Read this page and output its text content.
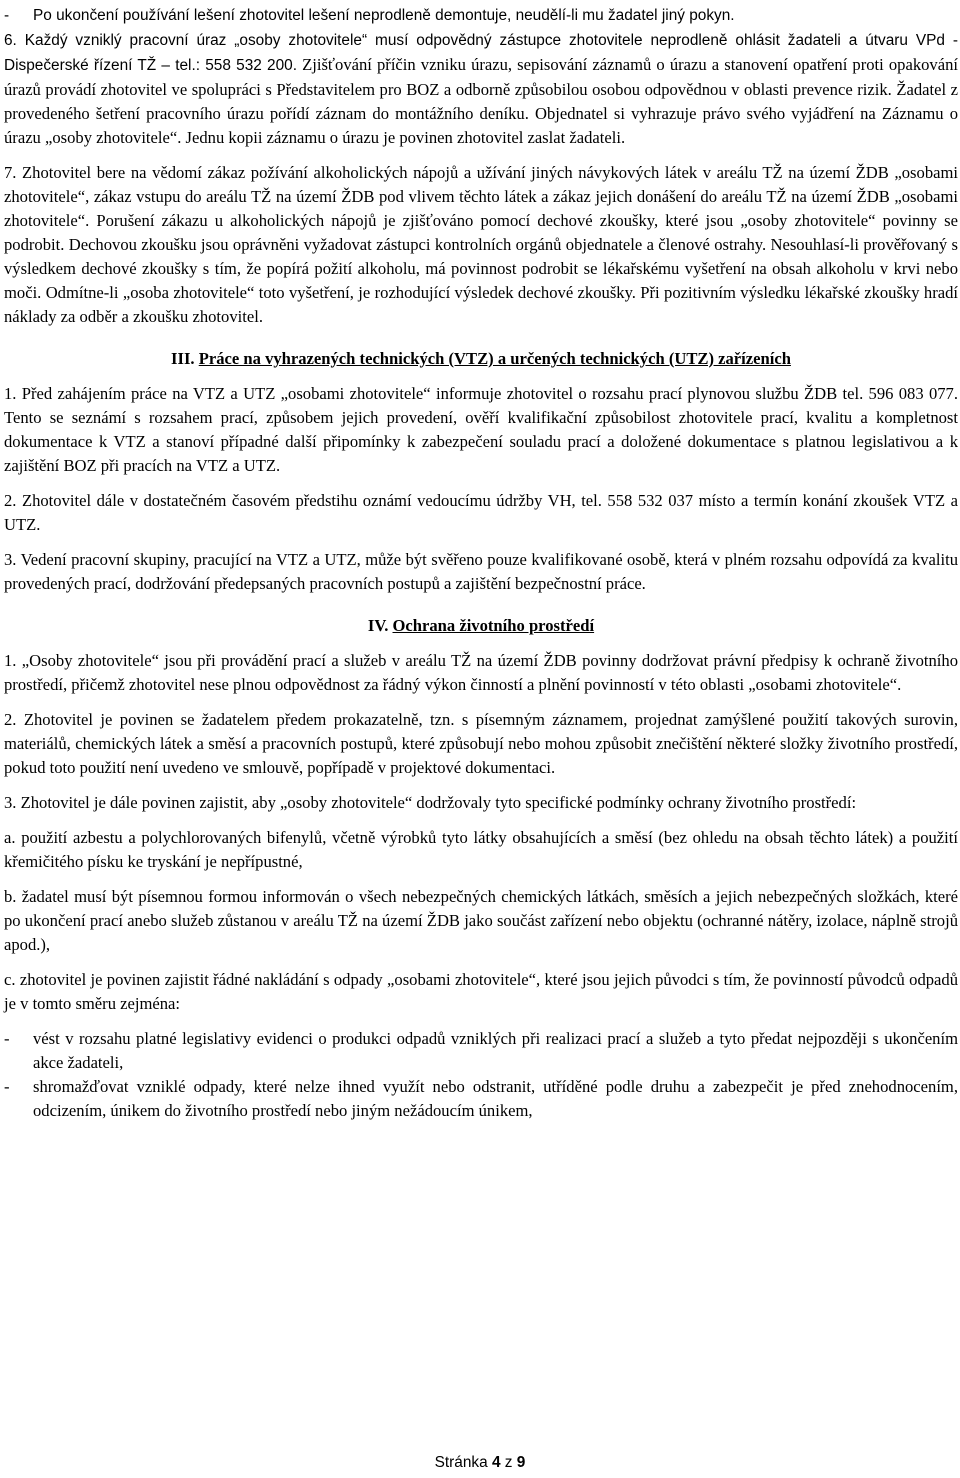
-	Po ukončení používání lešení zhotovitel lešení neprodleně demontuje, neudělí-li mu žadatel jiný pokyn.

6. Každý vzniklý pracovní úraz „osoby zhotovitele“ musí odpovědný zástupce zhotovitele neprodleně ohlásit žadateli a útvaru VPd - Dispečerské řízení TŽ – tel.: 558 532 200. Zjišťování příčin vzniku úrazu, sepisování záznamů o úrazu a stanovení opatření proti opakování úrazů provádí zhotovitel ve spolupráci s Představitelem pro BOZ a odborně způsobilou osobou odpovědnou v oblasti prevence rizik. Žadatel z provedeného šetření pracovního úrazu pořídí záznam do montážního deníku. Objednatel si vyhrazuje právo svého vyjádření na Záznamu o úrazu „osoby zhotovitele“. Jednu kopii záznamu o úrazu je povinen zhotovitel zaslat žadateli.

7. Zhotovitel bere na vědomí zákaz požívání alkoholických nápojů a užívání jiných návykových látek v areálu TŽ na území ŽDB „osobami zhotovitele“, zákaz vstupu do areálu TŽ na území ŽDB pod vlivem těchto látek a zákaz jejich donášení do areálu TŽ na území ŽDB „osobami zhotovitele“. Porušení zákazu u alkoholických nápojů je zjišťováno pomocí dechové zkoušky, které jsou „osoby zhotovitele“ povinny se podrobit. Dechovou zkoušku jsou oprávněni vyžadovat zástupci kontrolních orgánů objednatele a členové ostrahy. Nesouhlasí-li prověřovaný s výsledkem dechové zkoušky s tím, že popírá požití alkoholu, má povinnost podrobit se lékařskému vyšetření na obsah alkoholu v krvi nebo moči. Odmítne-li „osoba zhotovitele“ toto vyšetření, je rozhodující výsledek dechové zkoušky. Při pozitivním výsledku lékařské zkoušky hradí náklady za odběr a zkoušku zhotovitel.

III. Práce na vyhrazených technických (VTZ) a určených technických (UTZ) zařízeních

1. Před zahájením práce na VTZ a UTZ „osobami zhotovitele“ informuje zhotovitel o rozsahu prací plynovou službu ŽDB tel. 596 083 077. Tento se seznámí s rozsahem prací, způsobem jejich provedení, ověří kvalifikační způsobilost zhotovitele prací, kvalitu a kompletnost dokumentace k VTZ a stanoví případné další připomínky k zabezpečení souladu prací a doložené dokumentace s platnou legislativou a k zajištění BOZ při pracích na VTZ a UTZ.

2. Zhotovitel dále v dostatečném časovém předstihu oznámí vedoucímu údržby VH, tel. 558 532 037 místo a termín konání zkoušek VTZ a UTZ.

3. Vedení pracovní skupiny, pracující na VTZ a UTZ, může být svěřeno pouze kvalifikované osobě, která v plném rozsahu odpovídá za kvalitu provedených prací, dodržování předepsaných pracovních postupů a zajištění bezpečnostní práce.

IV. Ochrana životního prostředí

1. „Osoby zhotovitele“ jsou při provádění prací a služeb v areálu TŽ na území ŽDB povinny dodržovat právní předpisy k ochraně životního prostředí, přičemž zhotovitel nese plnou odpovědnost za řádný výkon činností a plnění povinností v této oblasti „osobami zhotovitele“.

2. Zhotovitel je povinen se žadatelem předem prokazatelně, tzn. s písemným záznamem, projednat zamýšlené použití takových surovin, materiálů, chemických látek a směsí a pracovních postupů, které způsobují nebo mohou způsobit znečištění některé složky životního prostředí, pokud toto použití není uvedeno ve smlouvě, popřípadě v projektové dokumentaci.

3. Zhotovitel je dále povinen zajistit, aby „osoby zhotovitele“ dodržovaly tyto specifické podmínky ochrany životního prostředí:

a. použití azbestu a polychlorovaných bifenylů, včetně výrobků tyto látky obsahujících a směsí (bez ohledu na obsah těchto látek) a použití křemičitého písku ke tryskání je nepřípustné,

b. žadatel musí být písemnou formou informován o všech nebezpečných chemických látkách, směsích a jejich nebezpečných složkách, které po ukončení prací anebo služeb zůstanou v areálu TŽ na území ŽDB jako součást zařízení nebo objektu (ochranné nátěry, izolace, náplně strojů apod.),

c. zhotovitel je povinen zajistit řádné nakládání s odpady „osobami zhotovitele“, které jsou jejich původci s tím, že povinností původců odpadů je v tomto směru zejména:

-	vést v rozsahu platné legislativy evidenci o produkci odpadů vzniklých při realizaci prací a služeb a tyto předat nejpozději s ukončením akce žadateli,
-	shromažďovat vzniklé odpady, které nelze ihned využít nebo odstranit, utříděné podle druhu a zabezpečit je před znehodnocením, odcizením, únikem do životního prostředí nebo jiným nežádoucím únikem,
Stránka 4 z 9
